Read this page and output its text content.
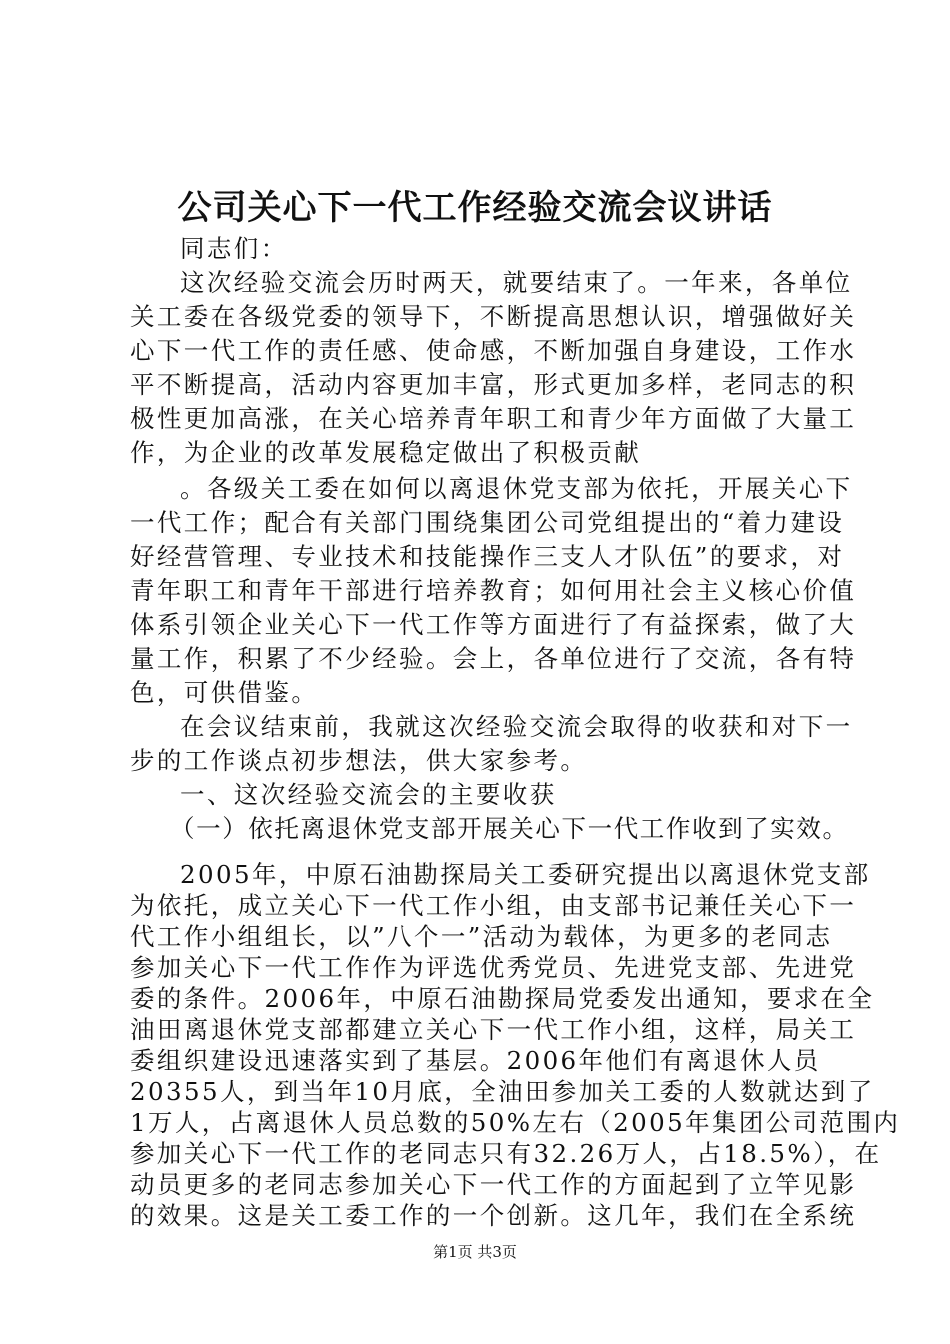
公司关心下一代工作经验交流会议讲话
同志们：
这次经验交流会历时两天，就要结束了。一年来，各单位
关工委在各级党委的领导下，不断提高思想认识，增强做好关
心下一代工作的责任感、使命感，不断加强自身建设，工作水
平不断提高，活动内容更加丰富，形式更加多样，老同志的积
极性更加高涨，在关心培养青年职工和青少年方面做了大量工
作，为企业的改革发展稳定做出了积极贡献
。各级关工委在如何以离退休党支部为依托，开展关心下
一代工作；配合有关部门围绕集团公司党组提出的“着力建设
好经营管理、专业技术和技能操作三支人才队伍”的要求，对
青年职工和青年干部进行培养教育；如何用社会主义核心价值
体系引领企业关心下一代工作等方面进行了有益探索，做了大
量工作，积累了不少经验。会上，各单位进行了交流，各有特
色，可供借鉴。
在会议结束前，我就这次经验交流会取得的收获和对下一
步的工作谈点初步想法，供大家参考。
一、这次经验交流会的主要收获
（一）依托离退休党支部开展关心下一代工作收到了实效。
第1页 共3页
2005年，中原石油勘探局关工委研究提出以离退休党支部
为依托，成立关心下一代工作小组，由支部书记兼任关心下一
代工作小组组长，以”八个一”活动为载体，为更多的老同志
参加关心下一代工作作为评选优秀党员、先进党支部、先进党
委的条件。2006年，中原石油勘探局党委发出通知，要求在全
油田离退休党支部都建立关心下一代工作小组，这样，局关工
委组织建设迅速落实到了基层。2006年他们有离退休人员
20355人，到当年10月底，全油田参加关工委的人数就达到了
1万人，占离退休人员总数的50%左右（2005年集团公司范围内
参加关心下一代工作的老同志只有32.26万人，占18.5%），在
动员更多的老同志参加关心下一代工作的方面起到了立竿见影
的效果。这是关工委工作的一个创新。这几年，我们在全系统
